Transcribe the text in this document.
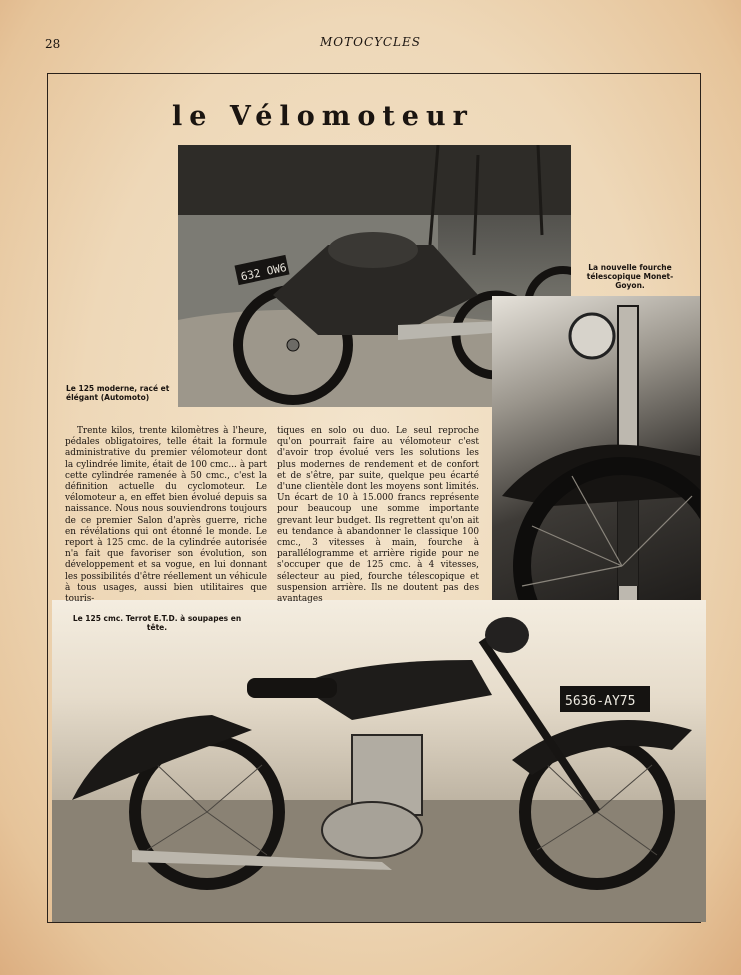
28	MOTOCYCLES
le Vélomoteur
632 OW6
5636-AY75
Le 125 moderne, racé et élégant (Automoto)
La nouvelle fourche télescopique Monet-Goyon.
Le 125 cmc. Terrot E.T.D. à soupapes en tête.
Trente kilos, trente kilomètres à l'heure, pédales obligatoires, telle était la formule administrative du premier vélomoteur dont la cylindrée limite, était de 100 cmc... à part cette cylindrée ramenée à 50 cmc., c'est la définition actuelle du cyclomoteur. Le vélomoteur a, en effet bien évolué depuis sa naissance. Nous nous souviendrons toujours de ce premier Salon d'après guerre, riche en révélations qui ont étonné le monde. Le report à 125 cmc. de la cylindrée autorisée n'a fait que favoriser son évolution, son développement et sa vogue, en lui donnant les possibilités d'être réellement un véhicule à tous usages, aussi bien utilitaires que touris-
tiques en solo ou duo. Le seul reproche qu'on pourrait faire au vélomoteur c'est d'avoir trop évolué vers les solutions les plus modernes de rendement et de confort et de s'être, par suite, quelque peu écarté d'une clientèle dont les moyens sont limités. Un écart de 10 à 15.000 francs représente pour beaucoup une somme importante grevant leur budget. Ils regrettent qu'on ait eu tendance à abandonner le classique 100 cmc., 3 vitesses à main, fourche à parallélogramme et arrière rigide pour ne s'occuper que de 125 cmc. à 4 vitesses, sélecteur au pied, fourche télescopique et suspension arrière. Ils ne doutent pas des avantages
